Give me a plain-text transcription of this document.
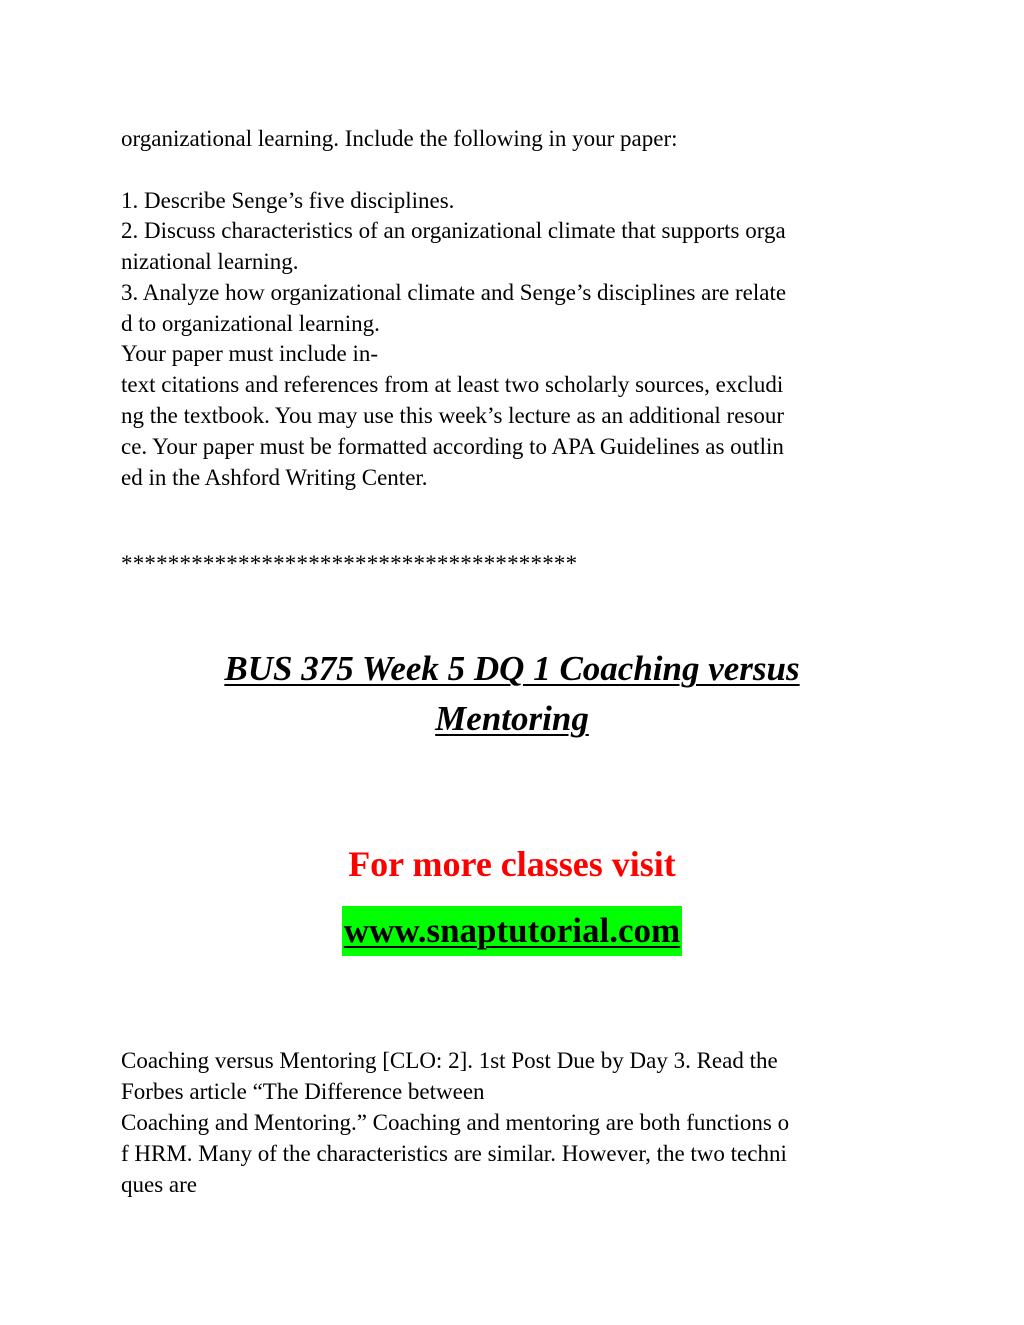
organizational learning. Include the following in your paper:
1. Describe Senge’s five disciplines.
2. Discuss characteristics of an organizational climate that supports orga
nizational learning.
3. Analyze how organizational climate and Senge’s disciplines are relate
d to organizational learning.
Your paper must include in-
text citations and references from at least two scholarly sources, excludi
ng the textbook. You may use this week’s lecture as an additional resour
ce. Your paper must be formatted according to APA Guidelines as outlin
ed in the Ashford Writing Center.
***************************************
BUS 375 Week 5 DQ 1 Coaching versus
Mentoring
For more classes visit
www.snaptutorial.com
Coaching versus Mentoring [CLO: 2]. 1st Post Due by Day 3. Read the
Forbes article “The Difference between
Coaching and Mentoring.” Coaching and mentoring are both functions o
f HRM. Many of the characteristics are similar. However, the two techni
ques are
